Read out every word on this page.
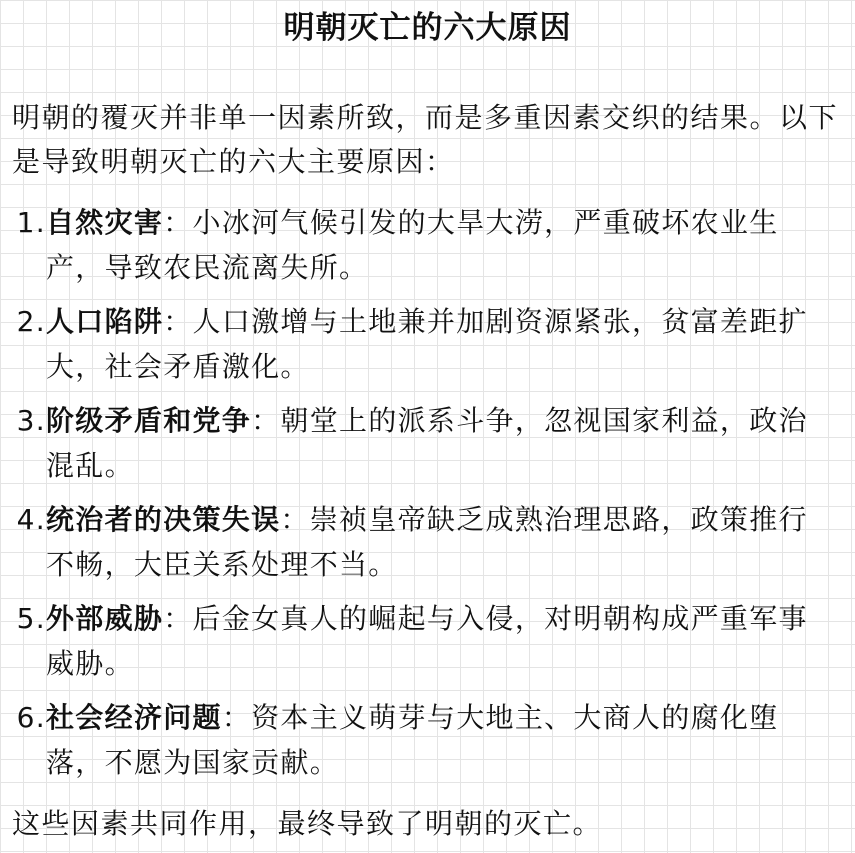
明朝灭亡的六大原因
明朝的覆灭并非单一因素所致，而是多重因素交织的结果。以下是导致明朝灭亡的六大主要原因：
1. 自然灾害：小冰河气候引发的大旱大涝，严重破坏农业生产，导致农民流离失所。
2. 人口陷阱：人口激增与土地兼并加剧资源紧张，贫富差距扩大，社会矛盾激化。
3. 阶级矛盾和党争：朝堂上的派系斗争，忽视国家利益，政治混乱。
4. 统治者的决策失误：崇祯皇帝缺乏成熟治理思路，政策推行不畅，大臣关系处理不当。
5. 外部威胁：后金女真人的崛起与入侵，对明朝构成严重军事威胁。
6. 社会经济问题：资本主义萌芽与大地主、大商人的腐化堕落，不愿为国家贡献。
这些因素共同作用，最终导致了明朝的灭亡。
